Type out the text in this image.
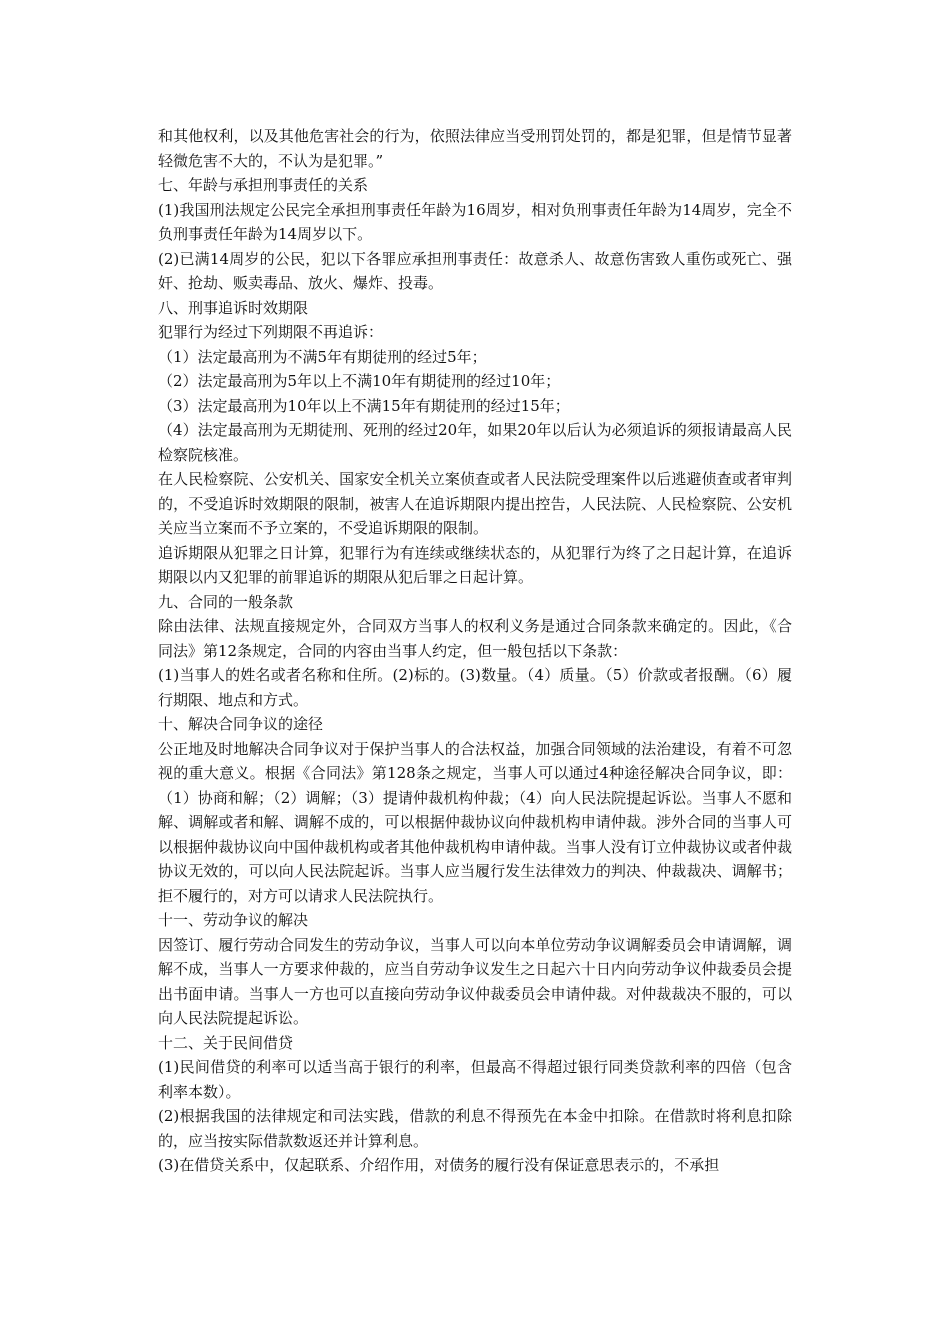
和其他权利，以及其他危害社会的行为，依照法律应当受刑罚处罚的，都是犯罪，但是情节显著轻微危害不大的，不认为是犯罪。”

七、年龄与承担刑事责任的关系

(1)我国刑法规定公民完全承担刑事责任年龄为16周岁，相对负刑事责任年龄为14周岁，完全不负刑事责任年龄为14周岁以下。

(2)已满14周岁的公民，犯以下各罪应承担刑事责任：故意杀人、故意伤害致人重伤或死亡、强奸、抢劫、贩卖毒品、放火、爆炸、投毒。

八、刑事追诉时效期限

犯罪行为经过下列期限不再追诉：

（1）法定最高刑为不满5年有期徒刑的经过5年；

（2）法定最高刑为5年以上不满10年有期徒刑的经过10年；

（3）法定最高刑为10年以上不满15年有期徒刑的经过15年；

（4）法定最高刑为无期徒刑、死刑的经过20年，如果20年以后认为必须追诉的须报请最高人民检察院核准。

在人民检察院、公安机关、国家安全机关立案侦查或者人民法院受理案件以后逃避侦查或者审判的，不受追诉时效期限的限制，被害人在追诉期限内提出控告，人民法院、人民检察院、公安机关应当立案而不予立案的，不受追诉期限的限制。

追诉期限从犯罪之日计算，犯罪行为有连续或继续状态的，从犯罪行为终了之日起计算，在追诉期限以内又犯罪的前罪追诉的期限从犯后罪之日起计算。

九、合同的一般条款

除由法律、法规直接规定外，合同双方当事人的权利义务是通过合同条款来确定的。因此，《合同法》第12条规定，合同的内容由当事人约定，但一般包括以下条款：

(1)当事人的姓名或者名称和住所。(2)标的。(3)数量。（4）质量。（5）价款或者报酬。（6）履行期限、地点和方式。

十、解决合同争议的途径

公正地及时地解决合同争议对于保护当事人的合法权益，加强合同领域的法治建设，有着不可忽视的重大意义。根据《合同法》第128条之规定，当事人可以通过4种途径解决合同争议，即：（1）协商和解；（2）调解；（3）提请仲裁机构仲裁；（4）向人民法院提起诉讼。当事人不愿和解、调解或者和解、调解不成的，可以根据仲裁协议向仲裁机构申请仲裁。涉外合同的当事人可以根据仲裁协议向中国仲裁机构或者其他仲裁机构申请仲裁。当事人没有订立仲裁协议或者仲裁协议无效的，可以向人民法院起诉。当事人应当履行发生法律效力的判决、仲裁裁决、调解书；拒不履行的，对方可以请求人民法院执行。

十一、劳动争议的解决

因签订、履行劳动合同发生的劳动争议，当事人可以向本单位劳动争议调解委员会申请调解，调解不成，当事人一方要求仲裁的，应当自劳动争议发生之日起六十日内向劳动争议仲裁委员会提出书面申请。当事人一方也可以直接向劳动争议仲裁委员会申请仲裁。对仲裁裁决不服的，可以向人民法院提起诉讼。

十二、关于民间借贷

(1)民间借贷的利率可以适当高于银行的利率，但最高不得超过银行同类贷款利率的四倍（包含利率本数）。

(2)根据我国的法律规定和司法实践，借款的利息不得预先在本金中扣除。在借款时将利息扣除的，应当按实际借款数返还并计算利息。

(3)在借贷关系中，仅起联系、介绍作用，对债务的履行没有保证意思表示的，不承担
